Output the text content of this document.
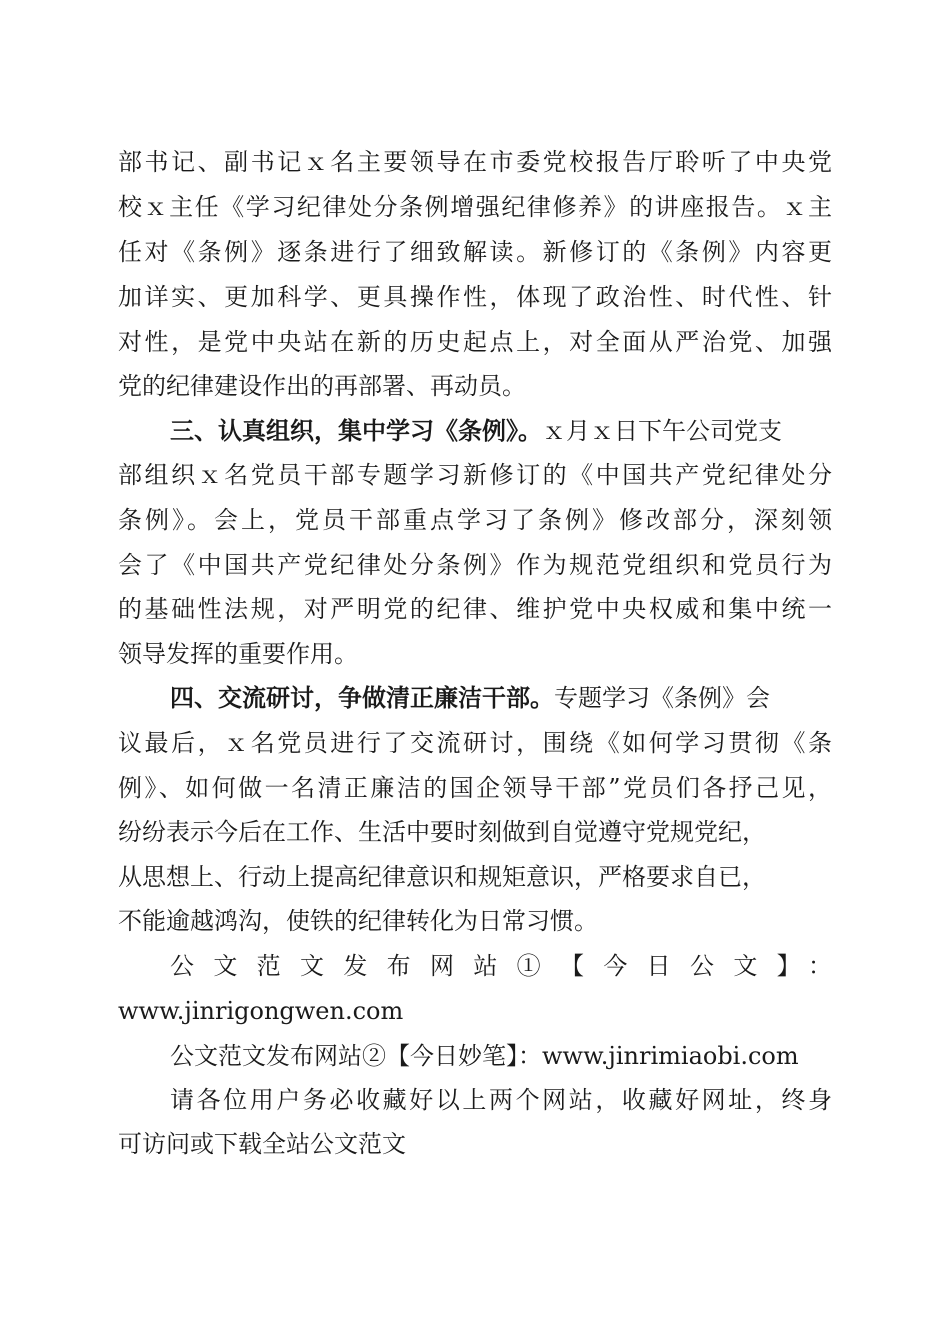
部书记、副书记ｘ名主要领导在市委党校报告厅聆听了中央党
校ｘ主任《学习纪律处分条例增强纪律修养》的讲座报告。ｘ主
任对《条例》逐条进行了细致解读。新修订的《条例》内容更
加详实、更加科学、更具操作性，体现了政治性、时代性、针
对性，是党中央站在新的历史起点上，对全面从严治党、加强
党的纪律建设作出的再部署、再动员。
三、认真组织，集中学习《条例》。ｘ月ｘ日下午公司党支
部组织ｘ名党员干部专题学习新修订的《中国共产党纪律处分
条例》。会上，党员干部重点学习了条例》修改部分，深刻领
会了《中国共产党纪律处分条例》作为规范党组织和党员行为
的基础性法规，对严明党的纪律、维护党中央权威和集中统一
领导发挥的重要作用。
四、交流研讨，争做清正廉洁干部。专题学习《条例》会
议最后，ｘ名党员进行了交流研讨，围绕《如何学习贯彻《条
例》、如何做一名清正廉洁的国企领导干部”党员们各抒己见，
纷纷表示今后在工作、生活中要时刻做到自觉遵守党规党纪，
从思想上、行动上提高纪律意识和规矩意识，严格要求自已，
不能逾越鸿沟，使铁的纪律转化为日常习惯。
公文范文发布网站①【今日公文】：
www.jinrigongwen.com
公文范文发布网站②【今日妙笔】：www.jinrimiaobi.com
请各位用户务必收藏好以上两个网站，收藏好网址，终身
可访问或下载全站公文范文
